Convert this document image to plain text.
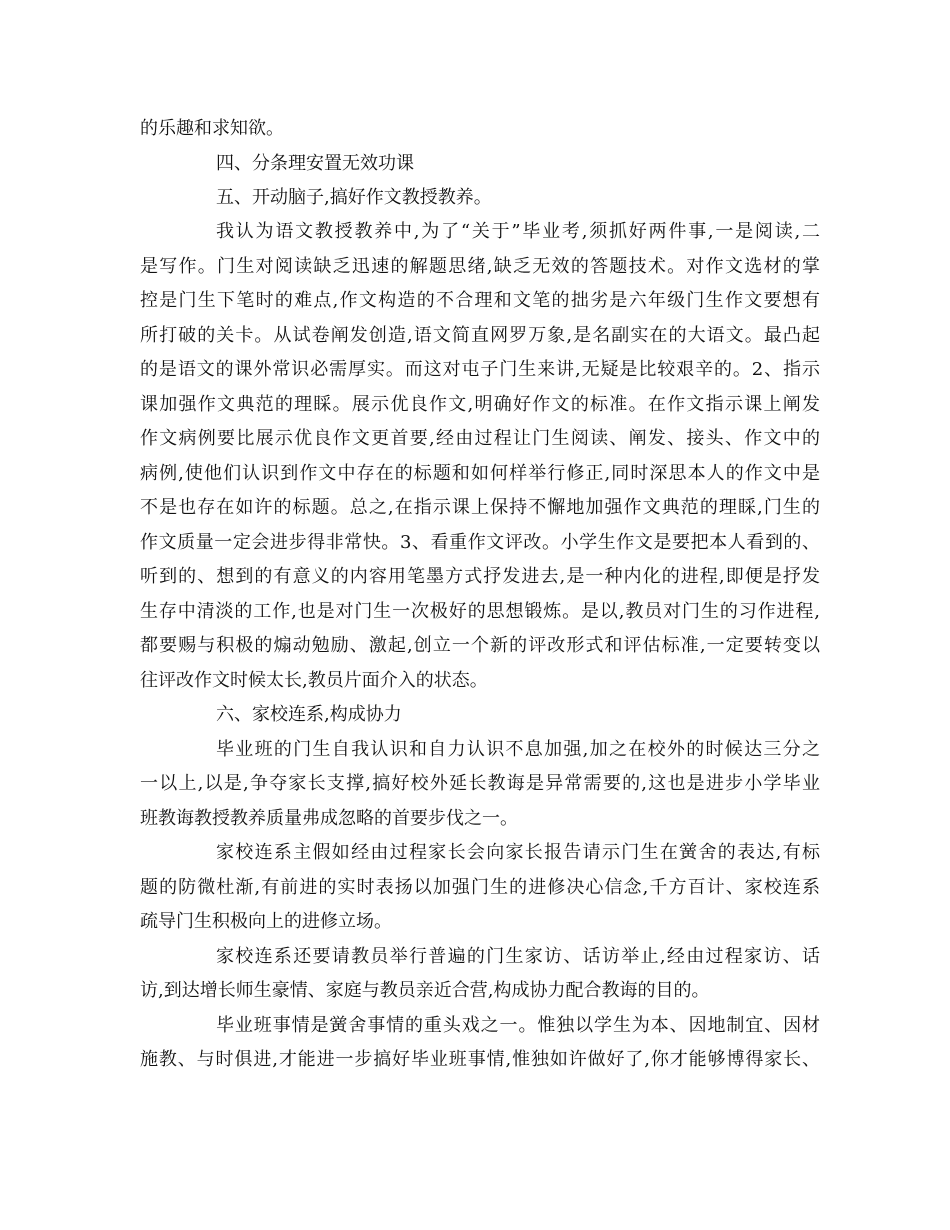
的乐趣和求知欲。
四、分条理安置无效功课
五、开动脑子,搞好作文教授教养。
我认为语文教授教养中,为了“关于”毕业考,须抓好两件事,一是阅读,二
是写作。门生对阅读缺乏迅速的解题思绪,缺乏无效的答题技术。对作文选材的掌
控是门生下笔时的难点,作文构造的不合理和文笔的拙劣是六年级门生作文要想有
所打破的关卡。从试卷阐发创造,语文简直网罗万象,是名副实在的大语文。最凸起
的是语文的课外常识必需厚实。而这对屯子门生来讲,无疑是比较艰辛的。2、指示
课加强作文典范的理睬。展示优良作文,明确好作文的标准。在作文指示课上阐发
作文病例要比展示优良作文更首要,经由过程让门生阅读、阐发、接头、作文中的
病例,使他们认识到作文中存在的标题和如何样举行修正,同时深思本人的作文中是
不是也存在如许的标题。总之,在指示课上保持不懈地加强作文典范的理睬,门生的
作文质量一定会进步得非常快。3、看重作文评改。小学生作文是要把本人看到的、
听到的、想到的有意义的内容用笔墨方式抒发进去,是一种内化的进程,即便是抒发
生存中清淡的工作,也是对门生一次极好的思想锻炼。是以,教员对门生的习作进程,
都要赐与积极的煽动勉励、激起,创立一个新的评改形式和评估标准,一定要转变以
往评改作文时候太长,教员片面介入的状态。
六、家校连系,构成协力
毕业班的门生自我认识和自力认识不息加强,加之在校外的时候达三分之
一以上,以是,争夺家长支撑,搞好校外延长教诲是异常需要的,这也是进步小学毕业
班教诲教授教养质量弗成忽略的首要步伐之一。
家校连系主假如经由过程家长会向家长报告请示门生在黉舍的表达,有标
题的防微杜渐,有前进的实时表扬以加强门生的进修决心信念,千方百计、家校连系
疏导门生积极向上的进修立场。
家校连系还要请教员举行普遍的门生家访、话访举止,经由过程家访、话
访,到达增长师生豪情、家庭与教员亲近合营,构成协力配合教诲的目的。
毕业班事情是黉舍事情的重头戏之一。惟独以学生为本、因地制宜、因材
施教、与时俱进,才能进一步搞好毕业班事情,惟独如许做好了,你才能够博得家长、
